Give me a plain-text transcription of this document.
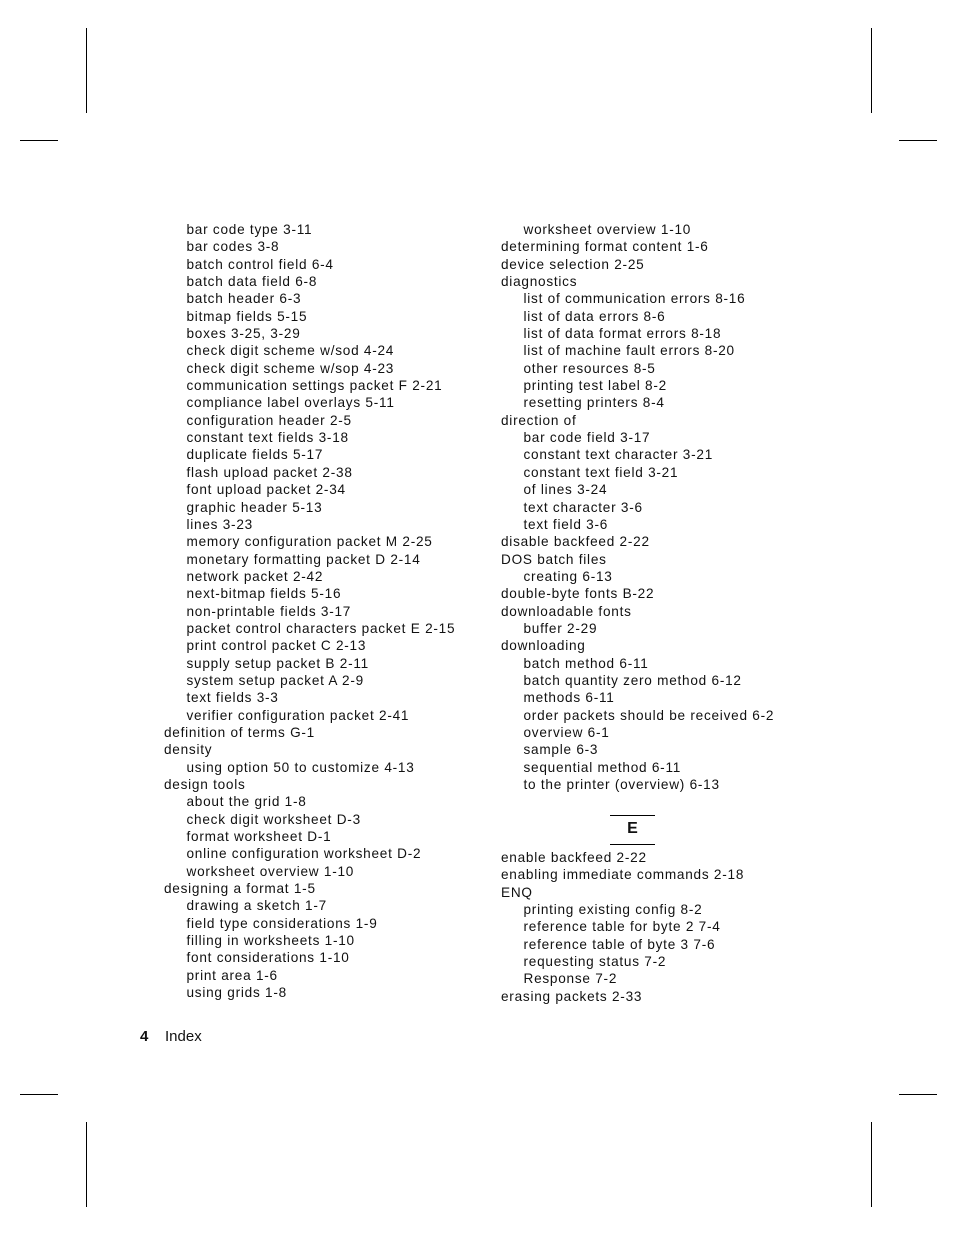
bar code type 3-11
bar codes 3-8
batch control field 6-4
batch data field 6-8
batch header 6-3
bitmap fields 5-15
boxes 3-25, 3-29
check digit scheme w/sod 4-24
check digit scheme w/sop 4-23
communication settings packet F 2-21
compliance label overlays 5-11
configuration header 2-5
constant text fields 3-18
duplicate fields 5-17
flash upload packet 2-38
font upload packet 2-34
graphic header 5-13
lines 3-23
memory configuration packet M 2-25
monetary formatting packet D 2-14
network packet 2-42
next-bitmap fields 5-16
non-printable fields 3-17
packet control characters packet E 2-15
print control packet C 2-13
supply setup packet B 2-11
system setup packet A 2-9
text fields 3-3
verifier configuration packet 2-41
definition of terms G-1
density
using option 50 to customize 4-13
design tools
about the grid 1-8
check digit worksheet D-3
format worksheet D-1
online configuration worksheet D-2
worksheet overview 1-10
designing a format 1-5
drawing a sketch 1-7
field type considerations 1-9
filling in worksheets 1-10
font considerations 1-10
print area 1-6
using grids 1-8
worksheet overview 1-10
determining format content 1-6
device selection 2-25
diagnostics
list of communication errors 8-16
list of data errors 8-6
list of data format errors 8-18
list of machine fault errors 8-20
other resources 8-5
printing test label 8-2
resetting printers 8-4
direction of
bar code field 3-17
constant text character 3-21
constant text field 3-21
of lines 3-24
text character 3-6
text field 3-6
disable backfeed 2-22
DOS batch files
creating 6-13
double-byte fonts B-22
downloadable fonts
buffer 2-29
downloading
batch method 6-11
batch quantity zero method 6-12
methods 6-11
order packets should be received 6-2
overview 6-1
sample 6-3
sequential method 6-11
to the printer (overview) 6-13
E
enable backfeed 2-22
enabling immediate commands 2-18
ENQ
printing existing config 8-2
reference table for byte 2 7-4
reference table of byte 3 7-6
requesting status 7-2
Response 7-2
erasing packets 2-33
4 Index
